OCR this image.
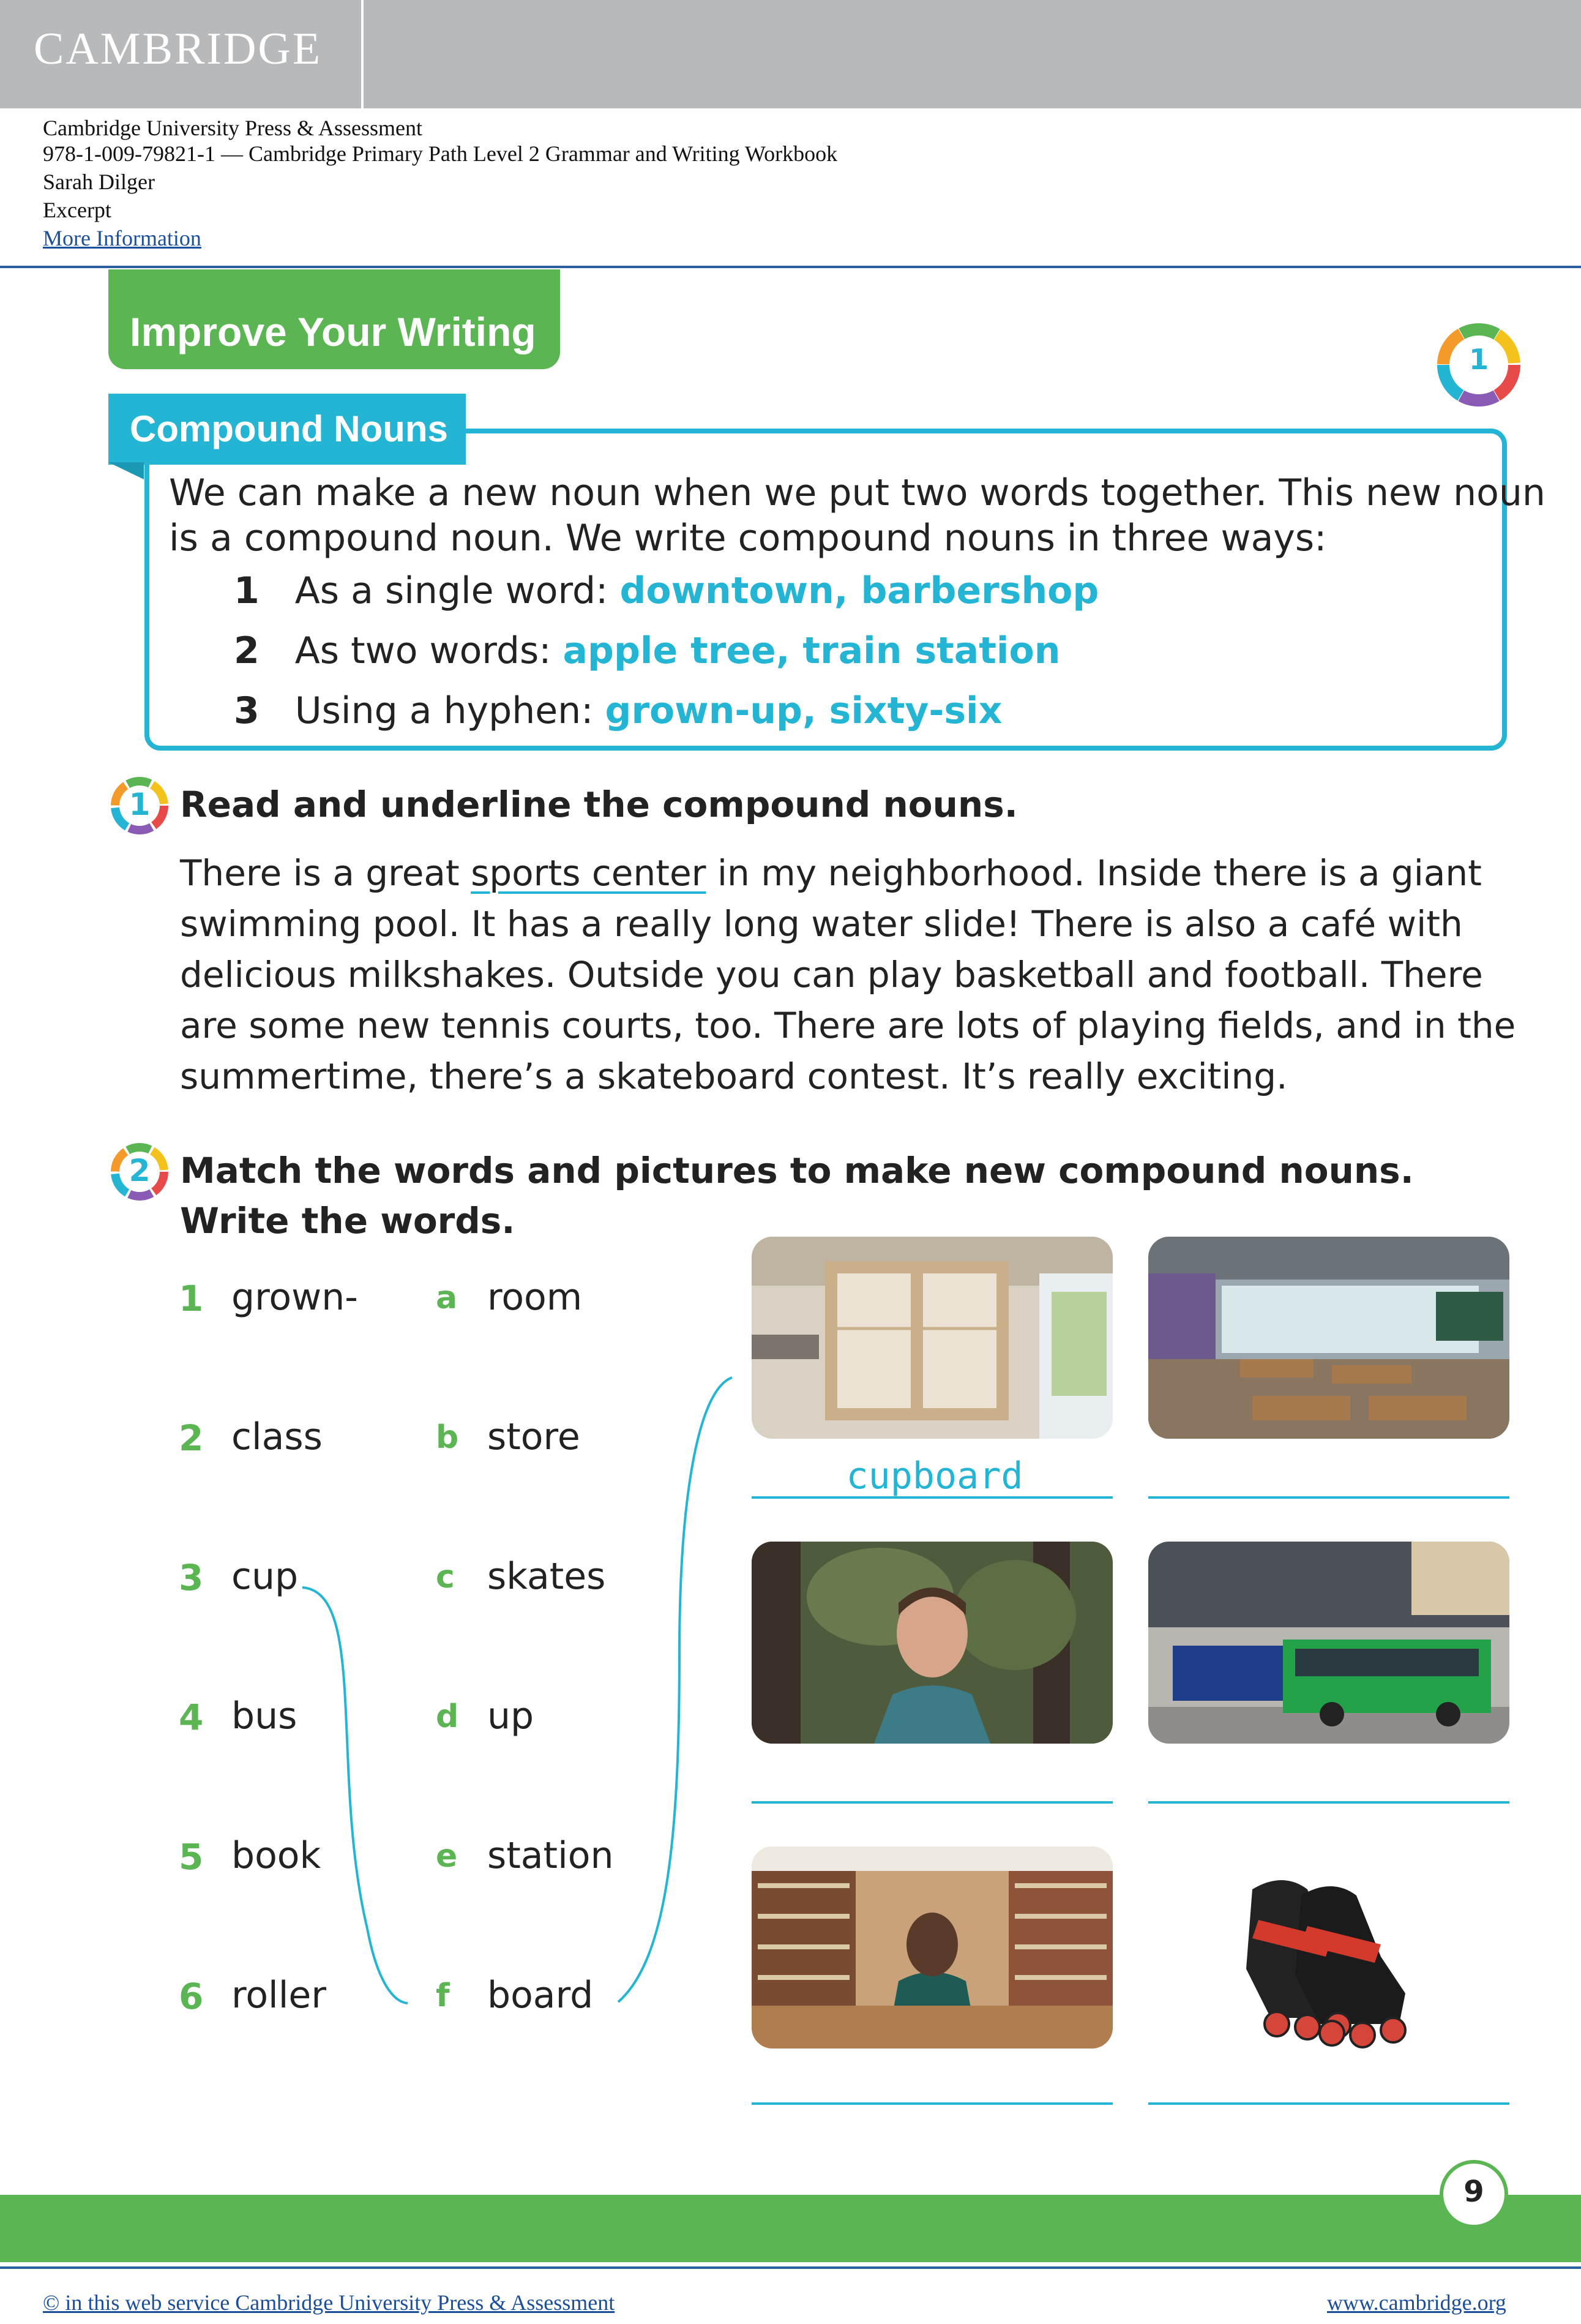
CAMBRIDGE
Cambridge University Press & Assessment
978-1-009-79821-1 — Cambridge Primary Path Level 2 Grammar and Writing Workbook
Sarah Dilger
Excerpt
More Information
Improve Your Writing
1
Compound Nouns
We can make a new noun when we put two words together. This new noun
is a compound noun. We write compound nouns in three ways:
1 As a single word: downtown, barbershop
2 As two words: apple tree, train station
3 Using a hyphen: grown-up, sixty-six
1 Read and underline the compound nouns.
There is a great sports center in my neighborhood. Inside there is a giant
swimming pool. It has a really long water slide! There is also a café with
delicious milkshakes. Outside you can play basketball and football. There
are some new tennis courts, too. There are lots of playing fields, and in the
summertime, there’s a skateboard contest. It’s really exciting.
2 Match the words and pictures to make new compound nouns.
Write the words.
1 grown-
2 class
3 cup
4 bus
5 book
6 roller
a room
b store
c skates
d up
e station
f board
cupboard
9
© in this web service Cambridge University Press & Assessment	www.cambridge.org
